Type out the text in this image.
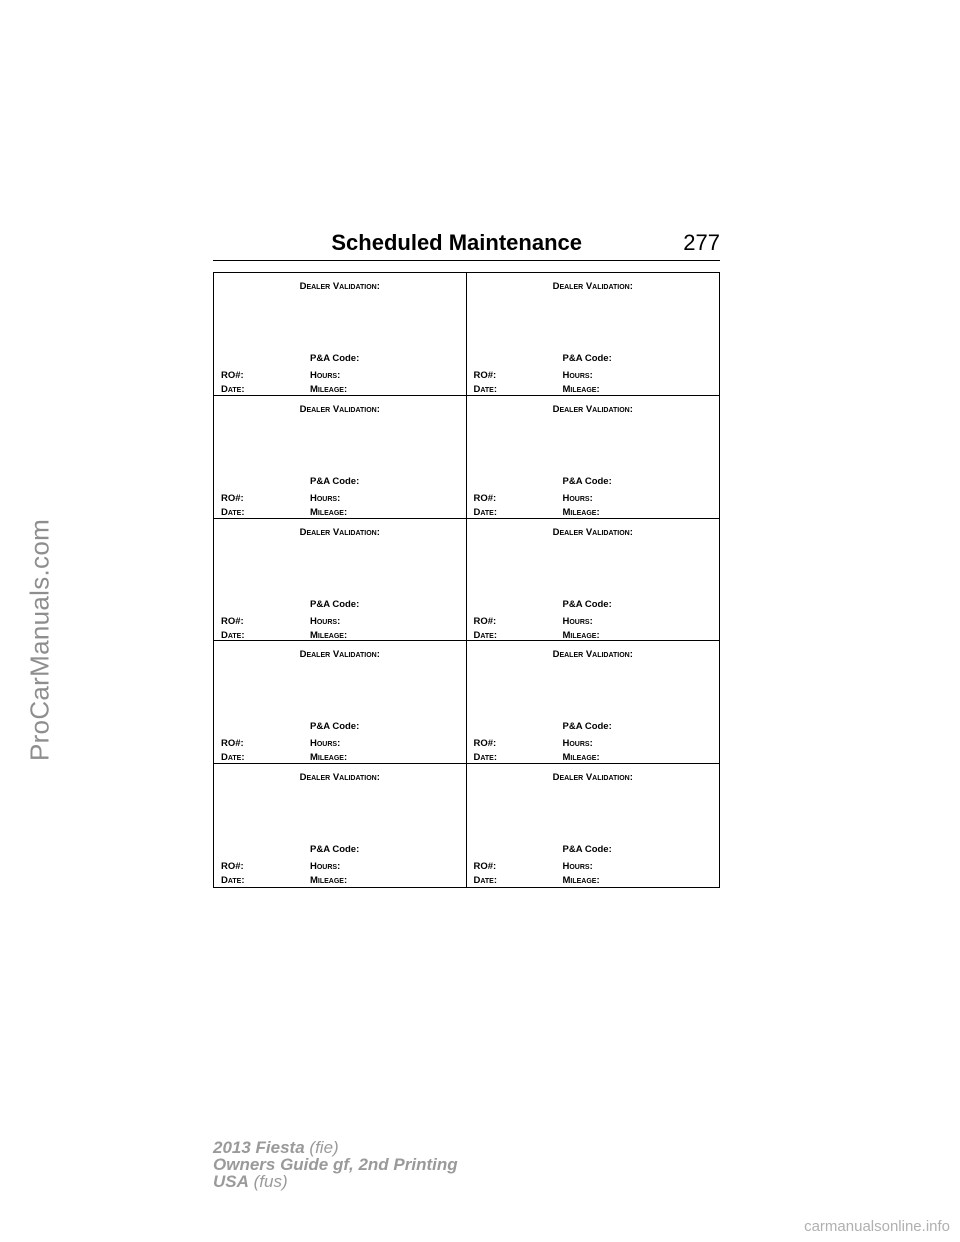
ProCarManuals.com
Scheduled Maintenance	277
Dealer Validation:
P&A Code:
RO#:	Hours:
Date:	Mileage:
Dealer Validation:
P&A Code:
RO#:	Hours:
Date:	Mileage:
Dealer Validation:
P&A Code:
RO#:	Hours:
Date:	Mileage:
Dealer Validation:
P&A Code:
RO#:	Hours:
Date:	Mileage:
Dealer Validation:
P&A Code:
RO#:	Hours:
Date:	Mileage:
Dealer Validation:
P&A Code:
RO#:	Hours:
Date:	Mileage:
Dealer Validation:
P&A Code:
RO#:	Hours:
Date:	Mileage:
Dealer Validation:
P&A Code:
RO#:	Hours:
Date:	Mileage:
Dealer Validation:
P&A Code:
RO#:	Hours:
Date:	Mileage:
Dealer Validation:
P&A Code:
RO#:	Hours:
Date:	Mileage:
2013 Fiesta (fie)
Owners Guide gf, 2nd Printing
USA (fus)
carmanualsonline.info
